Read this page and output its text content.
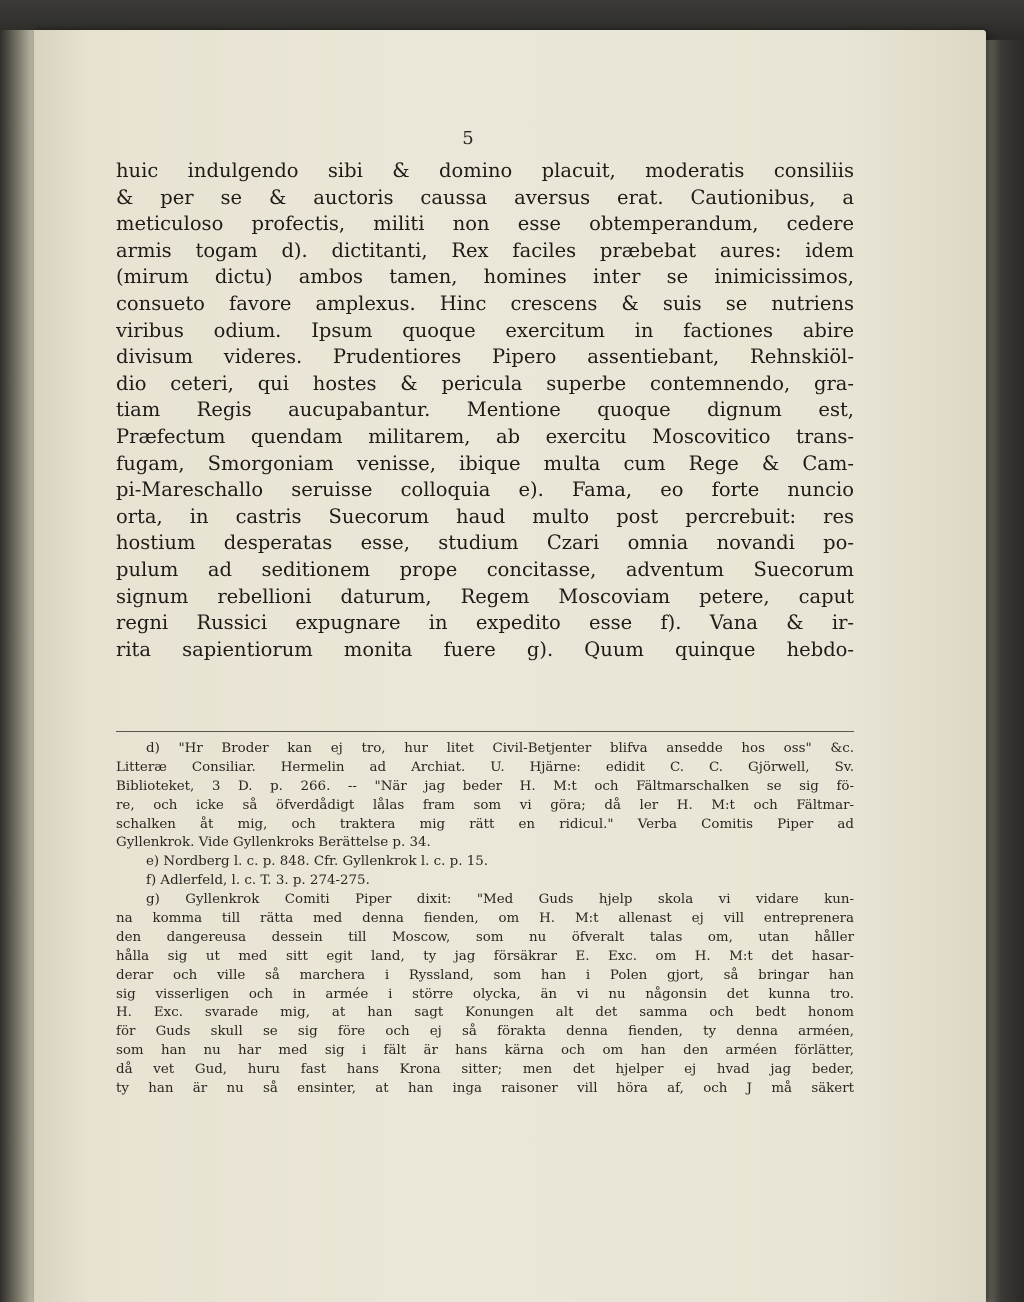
5
huic indulgendo sibi & domino placuit, moderatis consiliis
& per se & auctoris caussa aversus erat. Cautionibus, a
meticuloso profectis, militi non esse obtemperandum, cedere
armis togam d). dictitanti, Rex faciles præbebat aures: idem
(mirum dictu) ambos tamen, homines inter se inimicissimos,
consueto favore amplexus. Hinc crescens & suis se nutriens
viribus odium. Ipsum quoque exercitum in factiones abire
divisum videres. Prudentiores Pipero assentiebant, Rehnskiöl-
dio ceteri, qui hostes & pericula superbe contemnendo, gra-
tiam Regis aucupabantur. Mentione quoque dignum est,
Præfectum quendam militarem, ab exercitu Moscovitico trans-
fugam, Smorgoniam venisse, ibique multa cum Rege & Cam-
pi-Mareschallo seruisse colloquia e). Fama, eo forte nuncio
orta, in castris Suecorum haud multo post percrebuit: res
hostium desperatas esse, studium Czari omnia novandi po-
pulum ad seditionem prope concitasse, adventum Suecorum
signum rebellioni daturum, Regem Moscoviam petere, caput
regni Russici expugnare in expedito esse f). Vana & ir-
rita sapientiorum monita fuere g). Quum quinque hebdo-
d) "Hr Broder kan ej tro, hur litet Civil-Betjenter blifva ansedde hos oss" &c.
Litteræ Consiliar. Hermelin ad Archiat. U. Hjärne: edidit C. C. Gjörwell, Sv.
Biblioteket, 3 D. p. 266. -- "När jag beder H. M:t och Fältmarschalken se sig fö-
re, och icke så öfverdådigt lålas fram som vi göra; då ler H. M:t och Fältmar-
schalken åt mig, och traktera mig rätt en ridicul." Verba Comitis Piper ad
Gyllenkrok. Vide Gyllenkroks Berättelse p. 34.
e) Nordberg l. c. p. 848. Cfr. Gyllenkrok l. c. p. 15.
f) Adlerfeld, l. c. T. 3. p. 274-275.
g) Gyllenkrok Comiti Piper dixit: "Med Guds hjelp skola vi vidare kun-
na komma till rätta med denna fienden, om H. M:t allenast ej vill entreprenera
den dangereusa dessein till Moscow, som nu öfveralt talas om, utan håller
hålla sig ut med sitt egit land, ty jag försäkrar E. Exc. om H. M:t det hasar-
derar och ville så marchera i Ryssland, som han i Polen gjort, så bringar han
sig visserligen och in armée i större olycka, än vi nu någonsin det kunna tro.
H. Exc. svarade mig, at han sagt Konungen alt det samma och bedt honom
för Guds skull se sig före och ej så förakta denna fienden, ty denna arméen,
som han nu har med sig i fält är hans kärna och om han den arméen förlätter,
då vet Gud, huru fast hans Krona sitter; men det hjelper ej hvad jag beder,
ty han är nu så ensinter, at han inga raisoner vill höra af, och J må säkert
